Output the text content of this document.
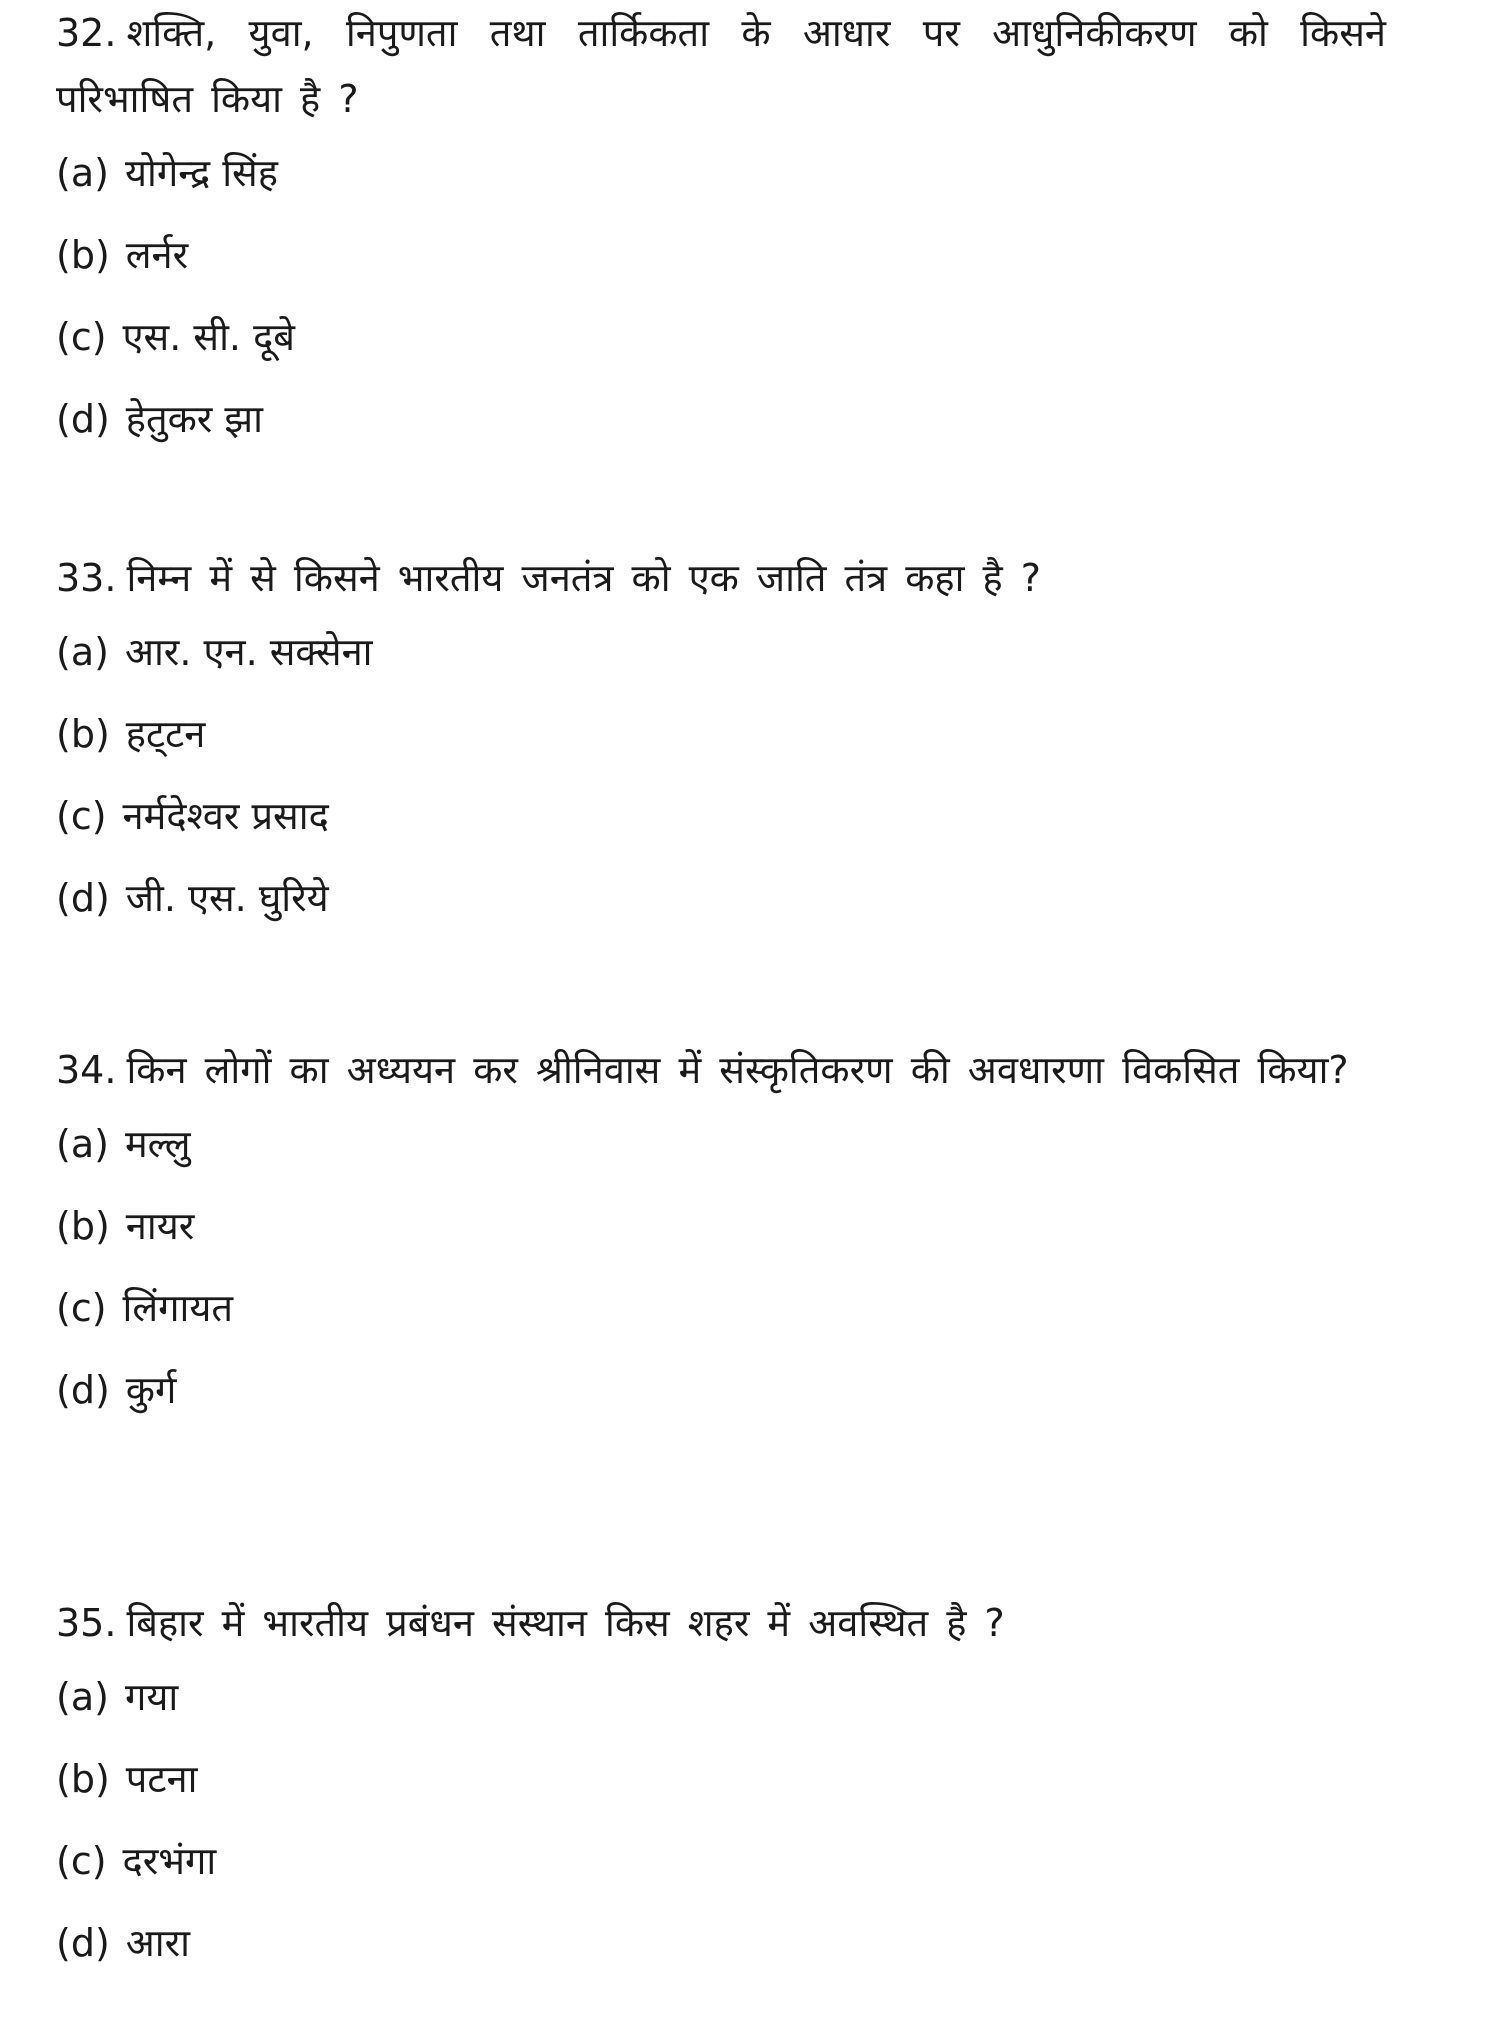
32. शक्ति, युवा, निपुणता तथा तार्किकता के आधार पर आधुनिकीकरण को किसने परिभाषित किया है ?

(a) योगेन्द्र सिंह
(b) लर्नर
(c) एस. सी. दूबे
(d) हेतुकर झा

33. निम्न में से किसने भारतीय जनतंत्र को एक जाति तंत्र कहा है ?

(a) आर. एन. सक्सेना
(b) हट्‌टन
(c) नर्मदेश्वर प्रसाद
(d) जी. एस. घुरिये

34. किन लोगों का अध्ययन कर श्रीनिवास में संस्कृतिकरण की अवधारणा विकसित किया?

(a) मल्लु
(b) नायर
(c) लिंगायत
(d) कुर्ग

35. बिहार में भारतीय प्रबंधन संस्थान किस शहर में अवस्थित है ?

(a) गया
(b) पटना
(c) दरभंगा
(d) आरा
